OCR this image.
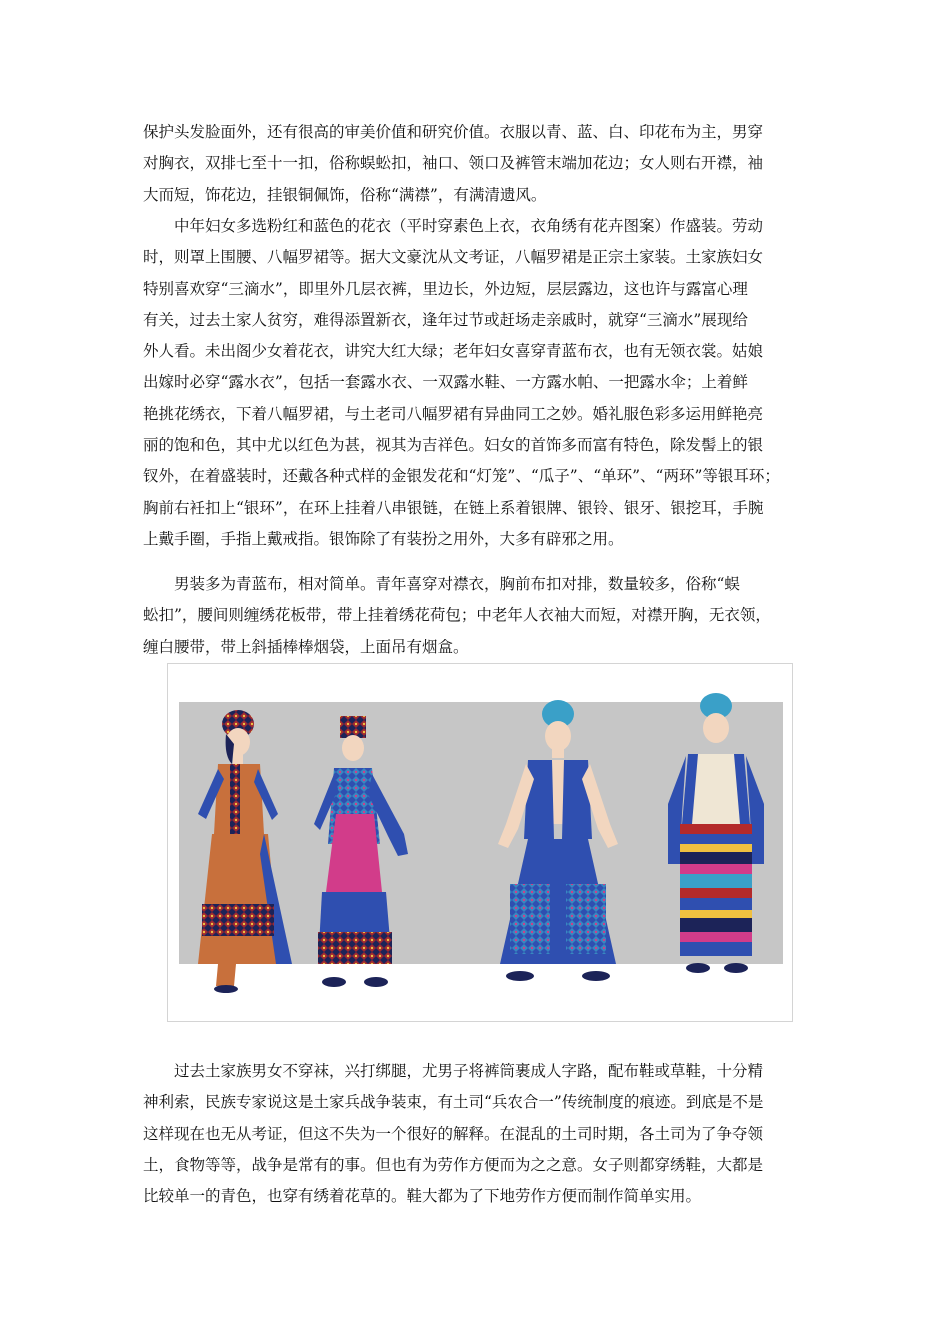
保护头发脸面外，还有很高的审美价值和研究价值。衣服以青、蓝、白、印花布为主，男穿
对胸衣，双排七至十一扣，俗称蜈蚣扣，袖口、领口及裤管末端加花边；女人则右开襟，袖
大而短，饰花边，挂银铜佩饰，俗称“满襟”，有满清遗风。
　　中年妇女多选粉红和蓝色的花衣（平时穿素色上衣，衣角绣有花卉图案）作盛装。劳动
时，则罩上围腰、八幅罗裙等。据大文豪沈从文考证，八幅罗裙是正宗土家装。土家族妇女
特别喜欢穿“三滴水”，即里外几层衣裤，里边长，外边短，层层露边，这也许与露富心理
有关，过去土家人贫穷，难得添置新衣，逢年过节或赶场走亲戚时，就穿“三滴水”展现给
外人看。未出阁少女着花衣，讲究大红大绿；老年妇女喜穿青蓝布衣，也有无领衣裳。姑娘
出嫁时必穿“露水衣”，包括一套露水衣、一双露水鞋、一方露水帕、一把露水伞；上着鲜
艳挑花绣衣，下着八幅罗裙，与土老司八幅罗裙有异曲同工之妙。婚礼服色彩多运用鲜艳亮
丽的饱和色，其中尤以红色为甚，视其为吉祥色。妇女的首饰多而富有特色，除发髻上的银
钗外，在着盛装时，还戴各种式样的金银发花和“灯笼”、“瓜子”、“单环”、“两环”等银耳环；
胸前右衽扣上“银环”，在环上挂着八串银链，在链上系着银牌、银铃、银牙、银挖耳，手腕
上戴手圈，手指上戴戒指。银饰除了有装扮之用外，大多有辟邪之用。
　　男装多为青蓝布，相对简单。青年喜穿对襟衣，胸前布扣对排，数量较多，俗称“蜈
蚣扣”，腰间则缠绣花板带，带上挂着绣花荷包；中老年人衣袖大而短，对襟开胸，无衣领，
缠白腰带，带上斜插棒棒烟袋，上面吊有烟盒。
　　过去土家族男女不穿袜，兴打绑腿，尤男子将裤筒裹成人字路，配布鞋或草鞋，十分精
神利索，民族专家说这是土家兵战争装束，有土司“兵农合一”传统制度的痕迹。到底是不是
这样现在也无从考证，但这不失为一个很好的解释。在混乱的土司时期，各土司为了争夺领
土，食物等等，战争是常有的事。但也有为劳作方便而为之之意。女子则都穿绣鞋，大都是
比较单一的青色，也穿有绣着花草的。鞋大都为了下地劳作方便而制作简单实用。
